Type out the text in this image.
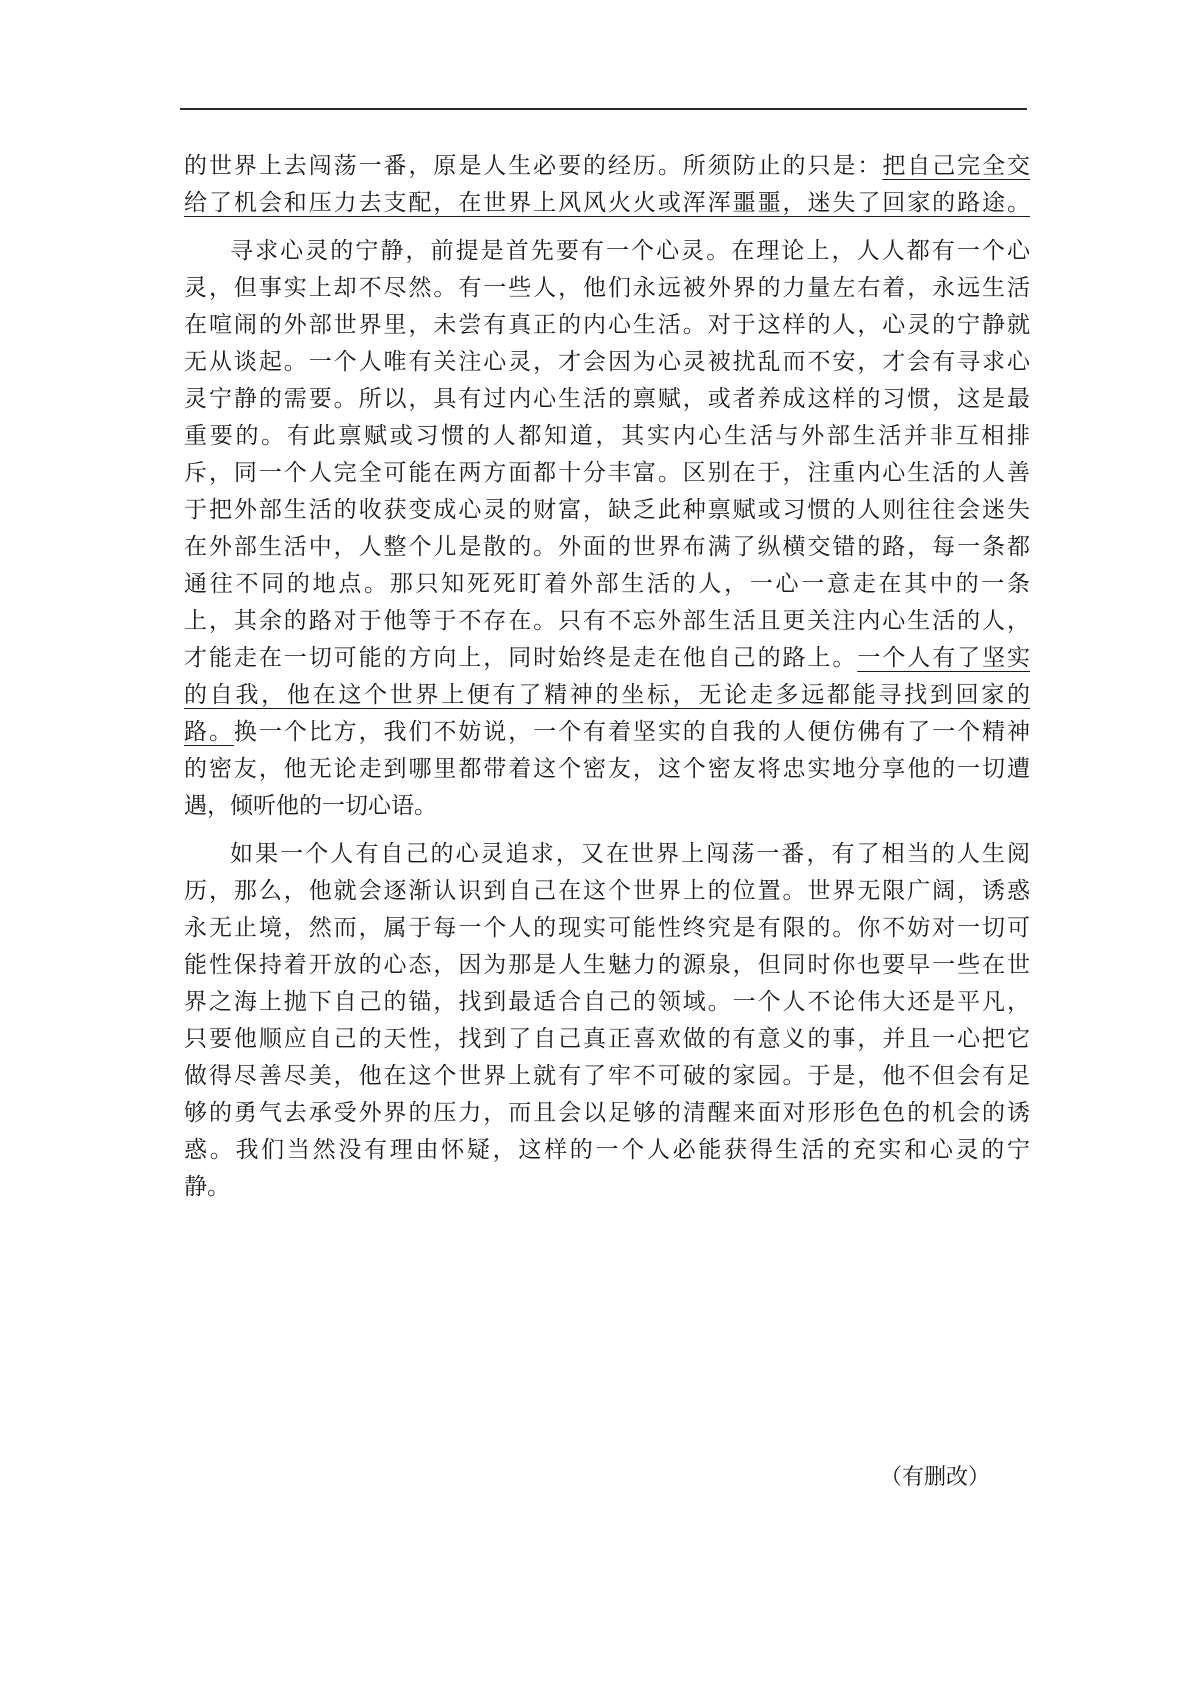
的世界上去闯荡一番，原是人生必要的经历。所须防止的只是：把自己完全交

给了机会和压力去支配，在世界上风风火火或浑浑噩噩，迷失了回家的路途。

寻求心灵的宁静，前提是首先要有一个心灵。在理论上，人人都有一个心

灵，但事实上却不尽然。有一些人，他们永远被外界的力量左右着，永远生活

在喧闹的外部世界里，未尝有真正的内心生活。对于这样的人，心灵的宁静就

无从谈起。一个人唯有关注心灵，才会因为心灵被扰乱而不安，才会有寻求心

灵宁静的需要。所以，具有过内心生活的禀赋，或者养成这样的习惯，这是最

重要的。有此禀赋或习惯的人都知道，其实内心生活与外部生活并非互相排

斥，同一个人完全可能在两方面都十分丰富。区别在于，注重内心生活的人善

于把外部生活的收获变成心灵的财富，缺乏此种禀赋或习惯的人则往往会迷失

在外部生活中，人整个儿是散的。外面的世界布满了纵横交错的路，每一条都

通往不同的地点。那只知死死盯着外部生活的人，一心一意走在其中的一条

上，其余的路对于他等于不存在。只有不忘外部生活且更关注内心生活的人，

才能走在一切可能的方向上，同时始终是走在他自己的路上。一个人有了坚实

的自我，他在这个世界上便有了精神的坐标，无论走多远都能寻找到回家的

路。换一个比方，我们不妨说，一个有着坚实的自我的人便仿佛有了一个精神

的密友，他无论走到哪里都带着这个密友，这个密友将忠实地分享他的一切遭

遇，倾听他的一切心语。

如果一个人有自己的心灵追求，又在世界上闯荡一番，有了相当的人生阅

历，那么，他就会逐渐认识到自己在这个世界上的位置。世界无限广阔，诱惑

永无止境，然而，属于每一个人的现实可能性终究是有限的。你不妨对一切可

能性保持着开放的心态，因为那是人生魅力的源泉，但同时你也要早一些在世

界之海上抛下自己的锚，找到最适合自己的领域。一个人不论伟大还是平凡，

只要他顺应自己的天性，找到了自己真正喜欢做的有意义的事，并且一心把它

做得尽善尽美，他在这个世界上就有了牢不可破的家园。于是，他不但会有足

够的勇气去承受外界的压力，而且会以足够的清醒来面对形形色色的机会的诱

惑。我们当然没有理由怀疑，这样的一个人必能获得生活的充实和心灵的宁

静。

（有删改）
